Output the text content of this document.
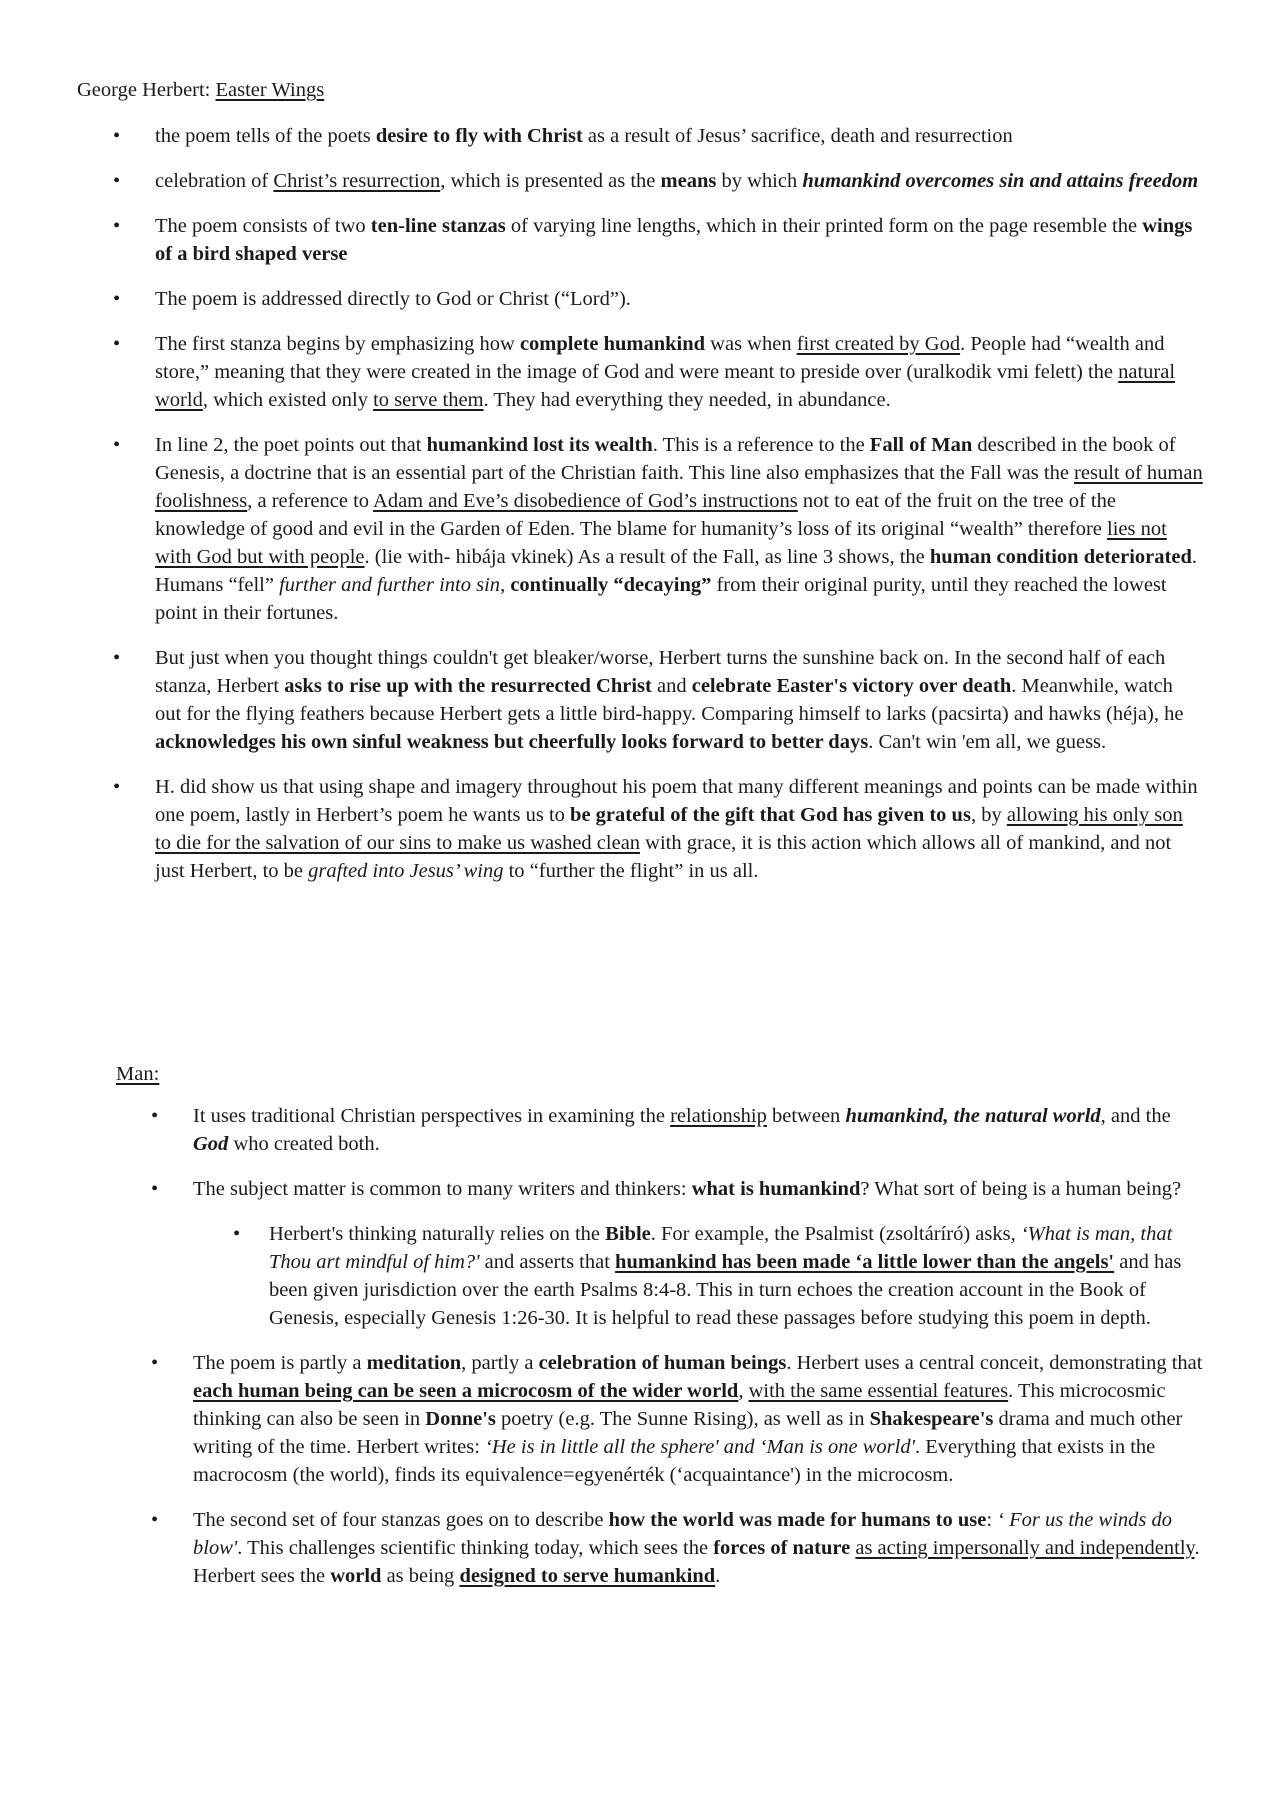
George Herbert: Easter Wings
•	the poem tells of the poets desire to fly with Christ as a result of Jesus’ sacrifice, death and resurrection
•	celebration of Christ’s resurrection, which is presented as the means by which humankind overcomes sin and attains freedom
•	The poem consists of two ten-line stanzas of varying line lengths, which in their printed form on the page resemble the wings of a bird shaped verse
•	The poem is addressed directly to God or Christ (“Lord”).
•	The first stanza begins by emphasizing how complete humankind was when first created by God. People had “wealth and store,” meaning that they were created in the image of God and were meant to preside over (uralkodik vmi felett) the natural world, which existed only to serve them. They had everything they needed, in abundance.
•	In line 2, the poet points out that humankind lost its wealth. This is a reference to the Fall of Man described in the book of Genesis, a doctrine that is an essential part of the Christian faith. This line also emphasizes that the Fall was the result of human foolishness, a reference to Adam and Eve’s disobedience of God’s instructions not to eat of the fruit on the tree of the knowledge of good and evil in the Garden of Eden. The blame for humanity’s loss of its original “wealth” therefore lies not with God but with people. (lie with- hibája vkinek) As a result of the Fall, as line 3 shows, the human condition deteriorated. Humans “fell” further and further into sin, continually “decaying” from their original purity, until they reached the lowest point in their fortunes.
•	But just when you thought things couldn't get bleaker/worse, Herbert turns the sunshine back on. In the second half of each stanza, Herbert asks to rise up with the resurrected Christ and celebrate Easter's victory over death. Meanwhile, watch out for the flying feathers because Herbert gets a little bird-happy. Comparing himself to larks (pacsirta) and hawks (héja), he acknowledges his own sinful weakness but cheerfully looks forward to better days. Can't win 'em all, we guess.
•	H. did show us that using shape and imagery throughout his poem that many different meanings and points can be made within one poem, lastly in Herbert’s poem he wants us to be grateful of the gift that God has given to us, by allowing his only son to die for the salvation of our sins to make us washed clean with grace, it is this action which allows all of mankind, and not just Herbert, to be grafted into Jesus’ wing to “further the flight” in us all.
Man:
•	It uses traditional Christian perspectives in examining the relationship between humankind, the natural world, and the God who created both.
•	The subject matter is common to many writers and thinkers: what is humankind? What sort of being is a human being?
•	Herbert's thinking naturally relies on the Bible. For example, the Psalmist (zsoltáríró) asks, ‘What is man, that Thou art mindful of him?' and asserts that humankind has been made ‘a little lower than the angels' and has been given jurisdiction over the earth Psalms 8:4-8. This in turn echoes the creation account in the Book of Genesis, especially Genesis 1:26-30. It is helpful to read these passages before studying this poem in depth.
•	The poem is partly a meditation, partly a celebration of human beings. Herbert uses a central conceit, demonstrating that each human being can be seen a microcosm of the wider world, with the same essential features. This microcosmic thinking can also be seen in Donne's poetry (e.g. The Sunne Rising), as well as in Shakespeare's drama and much other writing of the time. Herbert writes: ‘He is in little all the sphere' and ‘Man is one world'. Everything that exists in the macrocosm (the world), finds its equivalence=egyenérték (‘acquaintance') in the microcosm.
•	The second set of four stanzas goes on to describe how the world was made for humans to use: ‘ For us the winds do blow'. This challenges scientific thinking today, which sees the forces of nature as acting impersonally and independently. Herbert sees the world as being designed to serve humankind.
